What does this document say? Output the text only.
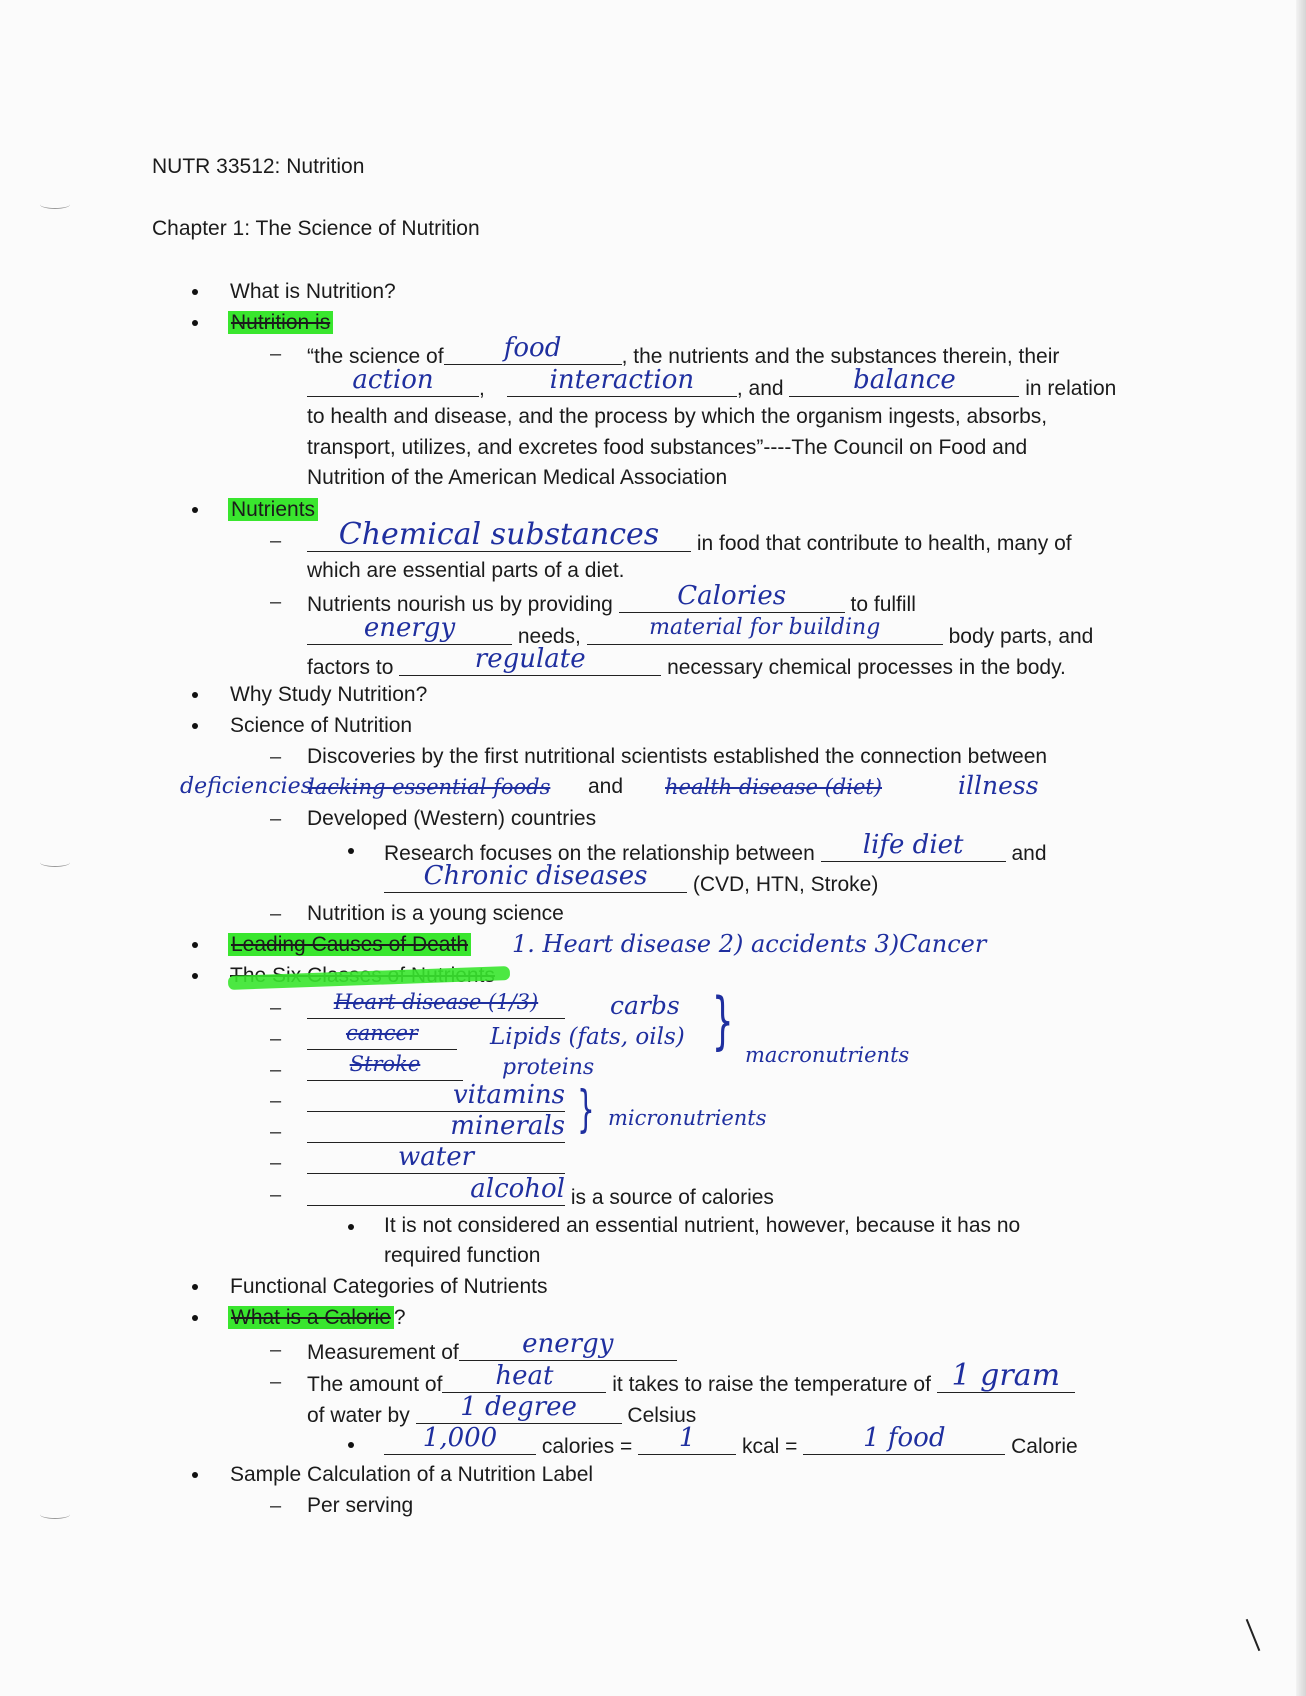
NUTR 33512: Nutrition
Chapter 1: The Science of Nutrition
What is Nutrition?
Nutrition is
– “the science of	food	, the nutrients and the substances therein, their
action	,	interaction	, and	balance	in relation
to health and disease, and the process by which the organism ingests, absorbs,
transport, utilizes, and excretes food substances”----The Council on Food and
Nutrition of the American Medical Association
Nutrients
–	Chemical substances	in food that contribute to health, many of
which are essential parts of a diet.
– Nutrients nourish us by providing	Calories	to fulfill
energy	needs,	material for building	body parts, and
factors to	regulate	necessary chemical processes in the body.
Why Study Nutrition?
Science of Nutrition
– Discoveries by the first nutritional scientists established the connection between
deficiencies
lacking essential foods and health disease (diet)	illness
– Developed (Western) countries
Research focuses on the relationship between	life diet	and
Chronic diseases	(CVD, HTN, Stroke)
– Nutrition is a young science
Leading Causes of Death 1. Heart disease 2) accidents 3)Cancer
–	Heart disease (1/3)	carbs
–	cancer	Lipids (fats, oils)
–	Stroke	proteins
} macronutrients
–	vitamins
–	minerals } micronutrients
–	water
–	alcohol is a source of calories
It is not considered an essential nutrient, however, because it has no
required function
Functional Categories of Nutrients
What is a Calorie ?
– Measurement of	energy
– The amount of	heat	it takes to raise the temperature of 1 gram
of water by	1 degree	Celsius
1,000	calories =	1	kcal =	1 food	Calorie
Sample Calculation of a Nutrition Label
– Per serving
